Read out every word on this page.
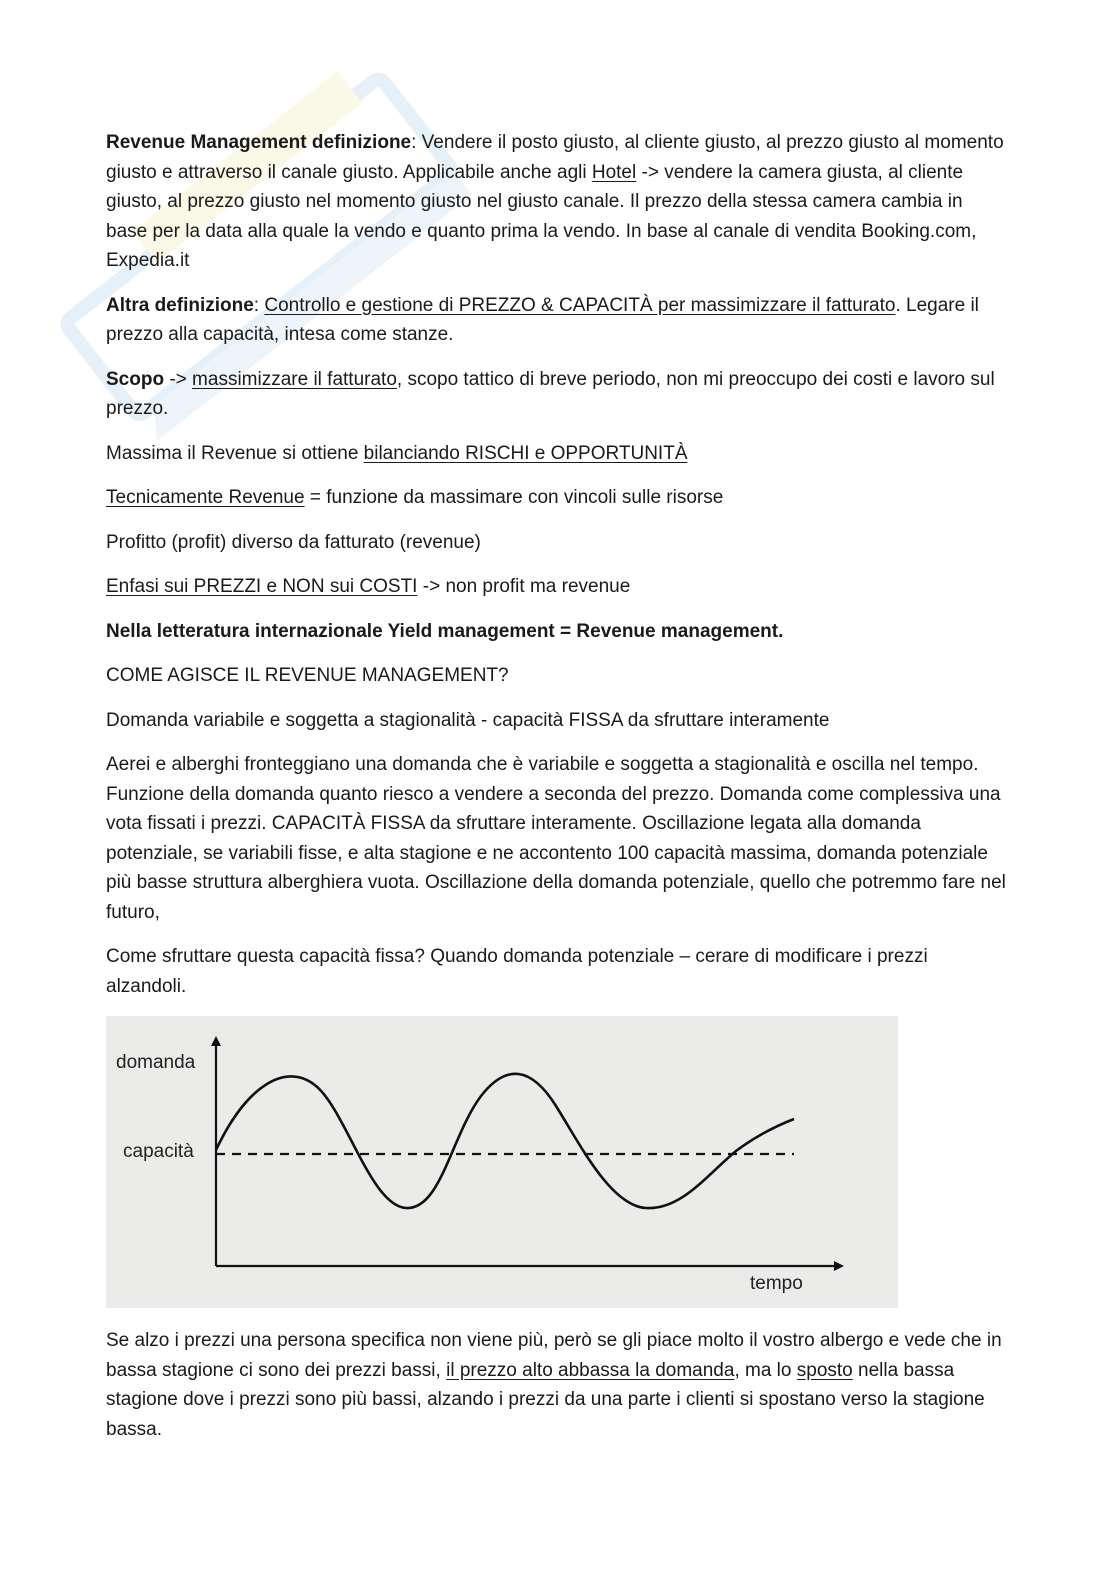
Revenue Management definizione: Vendere il posto giusto, al cliente giusto, al prezzo giusto al momento giusto e attraverso il canale giusto. Applicabile anche agli Hotel -> vendere la camera giusta, al cliente giusto, al prezzo giusto nel momento giusto nel giusto canale. Il prezzo della stessa camera cambia in base per la data alla quale la vendo e quanto prima la vendo. In base al canale di vendita Booking.com, Expedia.it

Altra definizione: Controllo e gestione di PREZZO & CAPACITÀ per massimizzare il fatturato. Legare il prezzo alla capacità, intesa come stanze.

Scopo -> massimizzare il fatturato, scopo tattico di breve periodo, non mi preoccupo dei costi e lavoro sul prezzo.

Massima il Revenue si ottiene bilanciando RISCHI e OPPORTUNITÀ

Tecnicamente Revenue = funzione da massimare con vincoli sulle risorse

Profitto (profit) diverso da fatturato (revenue)

Enfasi sui PREZZI e NON sui COSTI -> non profit ma revenue

Nella letteratura internazionale Yield management = Revenue management.

COME AGISCE IL REVENUE MANAGEMENT?

Domanda variabile e soggetta a stagionalità - capacità FISSA da sfruttare interamente

Aerei e alberghi fronteggiano una domanda che è variabile e soggetta a stagionalità e oscilla nel tempo. Funzione della domanda quanto riesco a vendere a seconda del prezzo. Domanda come complessiva una vota fissati i prezzi. CAPACITÀ FISSA da sfruttare interamente. Oscillazione legata alla domanda potenziale, se variabili fisse, e alta stagione e ne accontento 100 capacità massima, domanda potenziale più basse struttura alberghiera vuota. Oscillazione della domanda potenziale, quello che potremmo fare nel futuro,

Come sfruttare questa capacità fissa? Quando domanda potenziale – cerare di modificare i prezzi alzandoli.

domanda
capacità
tempo

Se alzo i prezzi una persona specifica non viene più, però se gli piace molto il vostro albergo e vede che in bassa stagione ci sono dei prezzi bassi, il prezzo alto abbassa la domanda, ma lo sposto nella bassa stagione dove i prezzi sono più bassi, alzando i prezzi da una parte i clienti si spostano verso la stagione bassa.
